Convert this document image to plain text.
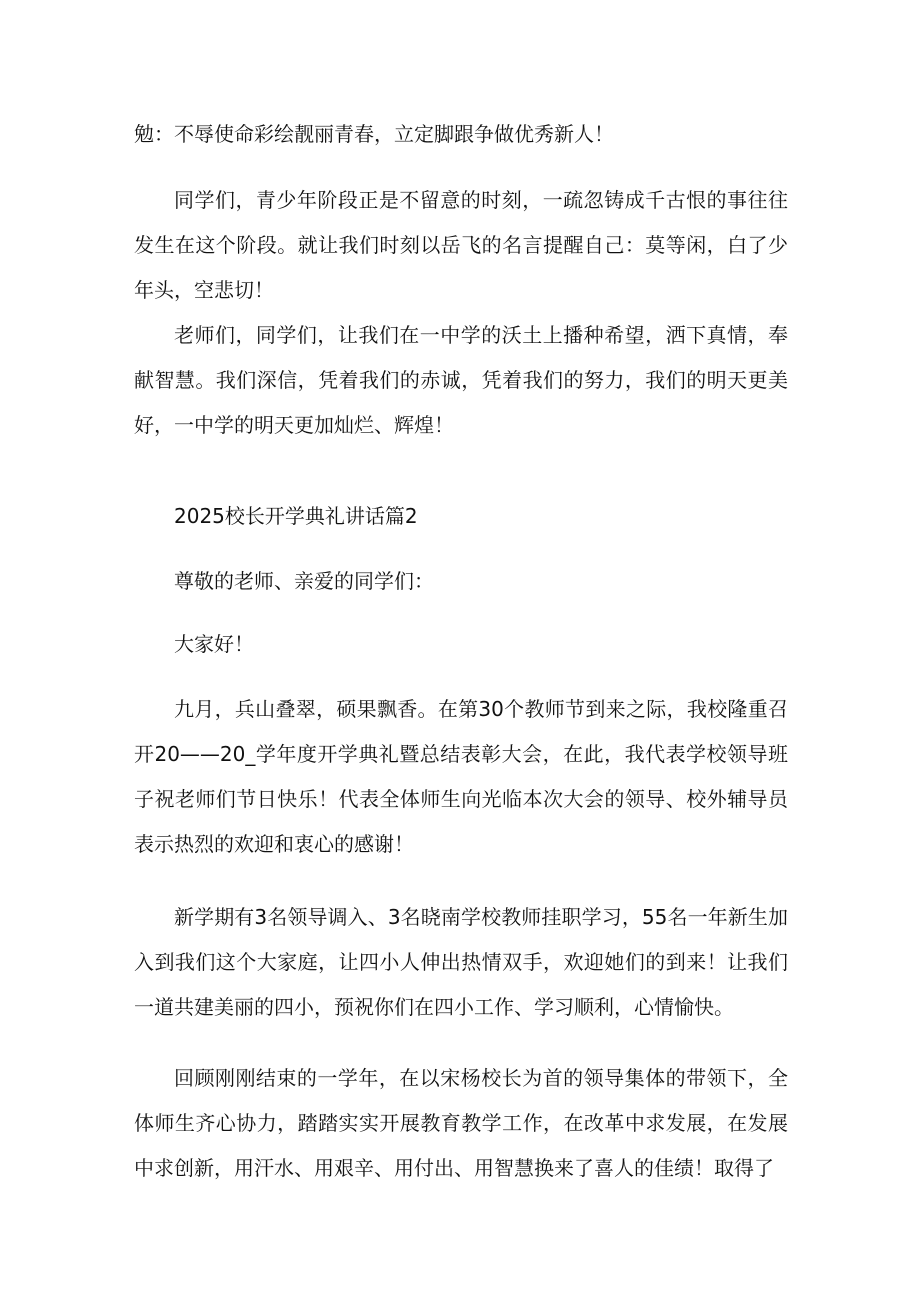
勉：不辱使命彩绘靓丽青春，立定脚跟争做优秀新人！

同学们，青少年阶段正是不留意的时刻，一疏忽铸成千古恨的事往往发生在这个阶段。就让我们时刻以岳飞的名言提醒自己：莫等闲，白了少年头，空悲切！

老师们，同学们，让我们在一中学的沃土上播种希望，洒下真情，奉献智慧。我们深信，凭着我们的赤诚，凭着我们的努力，我们的明天更美好，一中学的明天更加灿烂、辉煌！

2025校长开学典礼讲话篇2

尊敬的老师、亲爱的同学们：

大家好！

九月，兵山叠翠，硕果飘香。在第30个教师节到来之际，我校隆重召开20——20_学年度开学典礼暨总结表彰大会，在此，我代表学校领导班子祝老师们节日快乐！代表全体师生向光临本次大会的领导、校外辅导员表示热烈的欢迎和衷心的感谢！

新学期有3名领导调入、3名晓南学校教师挂职学习，55名一年新生加入到我们这个大家庭，让四小人伸出热情双手，欢迎她们的到来！让我们一道共建美丽的四小，预祝你们在四小工作、学习顺利，心情愉快。

回顾刚刚结束的一学年，在以宋杨校长为首的领导集体的带领下，全体师生齐心协力，踏踏实实开展教育教学工作，在改革中求发展，在发展中求创新，用汗水、用艰辛、用付出、用智慧换来了喜人的佳绩！取得了
